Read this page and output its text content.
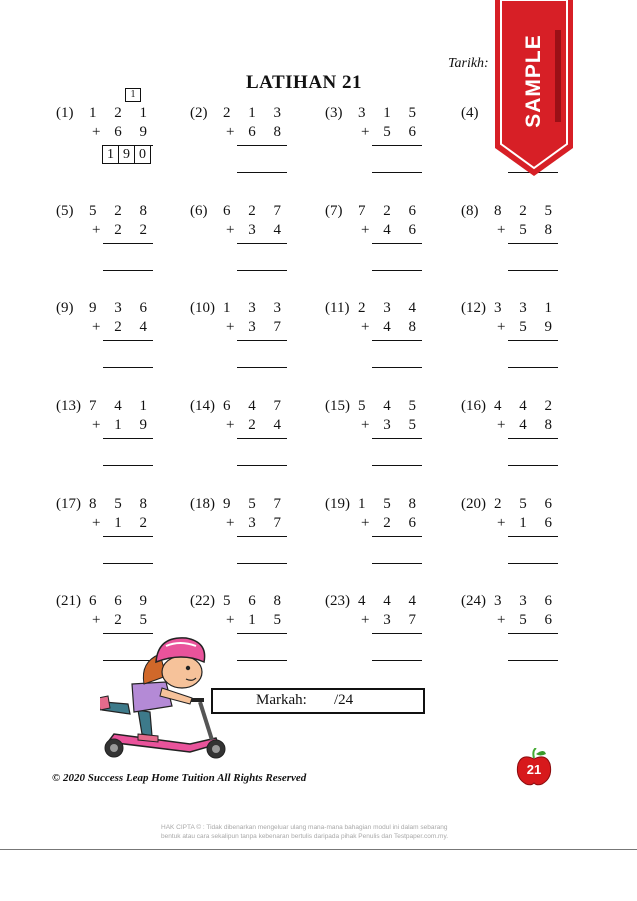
Tarikh:
LATIHAN 21
(1) 1 2 1
+ 6 9
1
1 9 0
(2) 2 1 3
+ 6 8
(3) 3 1 5
+ 5 6
(4)
(5) 5 2 8
+ 2 2
(6) 6 2 7
+ 3 4
(7) 7 2 6
+ 4 6
(8) 8 2 5
+ 5 8
(9) 9 3 6
+ 2 4
(10) 1 3 3
+ 3 7
(11) 2 3 4
+ 4 8
(12) 3 3 1
+ 5 9
(13) 7 4 1
+ 1 9
(14) 6 4 7
+ 2 4
(15) 5 4 5
+ 3 5
(16) 4 4 2
+ 4 8
(17) 8 5 8
+ 1 2
(18) 9 5 7
+ 3 7
(19) 1 5 8
+ 2 6
(20) 2 5 6
+ 1 6
(21) 6 6 9
+ 2 5
(22) 5 6 8
+ 1 5
(23) 4 4 4
+ 3 7
(24) 3 3 6
+ 5 6
Markah: /24
© 2020 Success Leap Home Tuition All Rights Reserved
21
HAK CIPTA © : Tidak dibenarkan mengeluar ulang mana-mana bahagian modul ini dalam sebarang
bentuk atau cara sekalipun tanpa kebenaran bertulis daripada pihak Penulis dan Testpaper.com.my.
SAMPLE
